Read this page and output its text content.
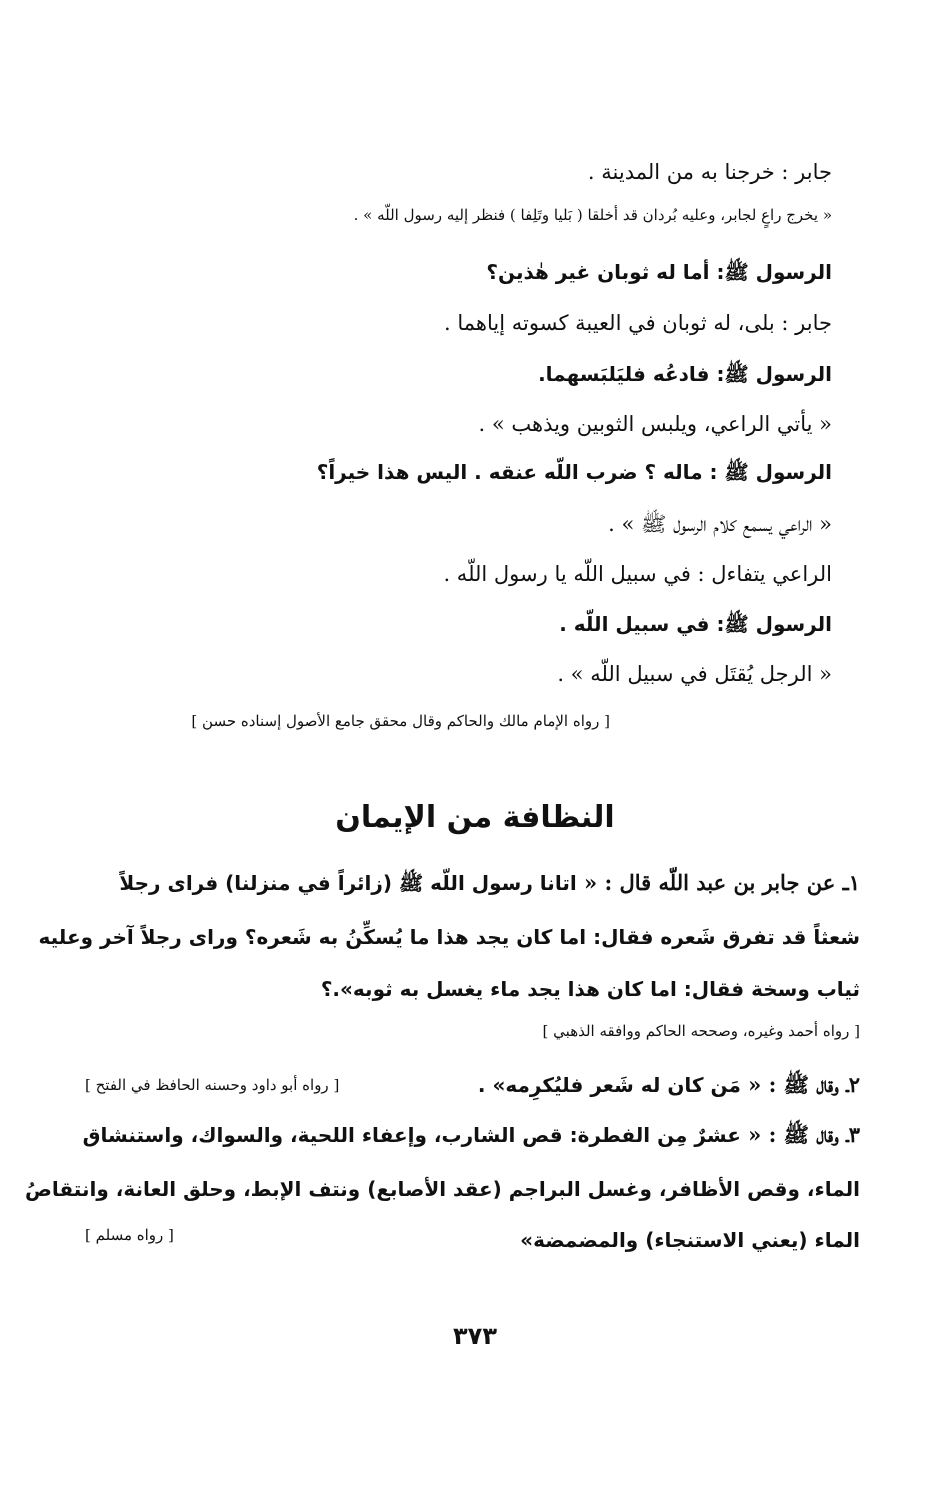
جابر : خرجنا به من المدينة .
« يخرج راعٍ لجابر، وعليه بُردان قد أخلقا ( بَليا وتَلِفا ) فنظر إليه رسول اللّه » .
الرسول ﷺ: أما له ثوبان غير هٰذين؟
جابر : بلى، له ثوبان في العيبة كسوته إياهما .
الرسول ﷺ: فادعُه فليَلبَسهما.
« يأتي الراعي، ويلبس الثوبين ويذهب » .
الرسول ﷺ : ماله ؟ ضرب اللّه عنقه . اليس هذا خيراً؟
« الراعي يسمع كلام الرسول ﷺ » .
الراعي يتفاءل : في سبيل اللّه يا رسول اللّه .
الرسول ﷺ: في سبيل اللّه .
« الرجل يُقتَل في سبيل اللّه » .
[ رواه الإمام مالك والحاكم وقال محقق جامع الأصول إسناده حسن ]
النظافة من الإيمان
١ـ عن جابر بن عبد اللّه قال : « اتانا رسول اللّه ﷺ (زائراً في منزلنا) فراى رجلاً
شعثاً قد تفرق شَعره فقال: اما كان يجد هذا ما يُسكِّنُ به شَعره؟ وراى رجلاً آخر وعليه
ثياب وسخة فقال: اما كان هذا يجد ماء يغسل به ثوبه».؟
[ رواه أحمد وغيره، وصححه الحاكم ووافقه الذهبي ]
٢ـ وقال ﷺ : « مَن كان له شَعر فليُكرِمه» .
[ رواه أبو داود وحسنه الحافظ في الفتح ]
٣ـ وقال ﷺ : « عشرٌ مِن الفطرة: قص الشارب، وإعفاء اللحية، والسواك، واستنشاق
الماء، وقص الأظافر، وغسل البراجم (عقد الأصابع) ونتف الإبط، وحلق العانة، وانتقاصُ
الماء (يعني الاستنجاء) والمضمضة»
[ رواه مسلم ]
٣٧٣
